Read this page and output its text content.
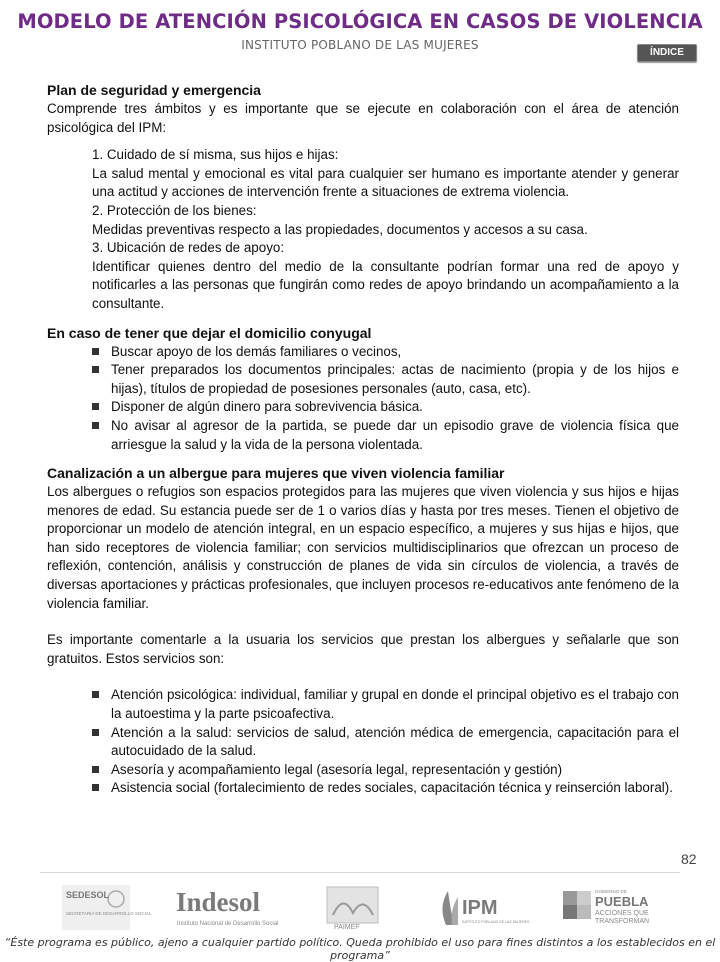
MODELO DE ATENCIÓN PSICOLÓGICA EN CASOS DE VIOLENCIA
INSTITUTO POBLANO DE LAS MUJERES
ÍNDICE
Plan de seguridad y emergencia

Comprende tres ámbitos y es importante que se ejecute en colaboración con el área de atención psicológica del IPM:

1. Cuidado de sí misma, sus hijos e hijas:

La salud mental y emocional es vital para cualquier ser humano es importante atender y generar una actitud y acciones de intervención frente a situaciones de extrema violencia.

2. Protección de los bienes:

Medidas preventivas respecto a las propiedades, documentos y accesos a su casa.

3. Ubicación de redes de apoyo:

Identificar quienes dentro del medio de la consultante podrían formar una red de apoyo y notificarles a las personas que fungirán como redes de apoyo brindando un acompañamiento a la consultante.

En caso de tener que dejar el domicilio conyugal
Buscar apoyo de los demás familiares o vecinos,
Tener preparados los documentos principales: actas de nacimiento (propia y de los hijos e hijas), títulos de propiedad de posesiones personales (auto, casa, etc).
Disponer de algún dinero para sobrevivencia básica.
No avisar al agresor de la partida, se puede dar un episodio grave de violencia física que arriesgue la salud y la vida de la persona violentada.
Canalización a un albergue para mujeres que viven violencia familiar

Los albergues o refugios son espacios protegidos para las mujeres que viven violencia y sus hijos e hijas menores de edad. Su estancia puede ser de 1 o varios días y hasta por tres meses. Tienen el objetivo de proporcionar un modelo de atención integral, en un espacio específico, a mujeres y sus hijas e hijos, que han sido receptores de violencia familiar; con servicios multidisciplinarios que ofrezcan un proceso de reflexión, contención, análisis y construcción de planes de vida sin círculos de violencia, a través de diversas aportaciones y prácticas profesionales, que incluyen procesos re-educativos ante fenómeno de la violencia familiar.

Es importante comentarle a la usuaria los servicios que prestan los albergues y señalarle que son gratuitos. Estos servicios son:

Atención psicológica: individual, familiar y grupal en donde el principal objetivo es el trabajo con la autoestima y la parte psicoafectiva.
Atención a la salud: servicios de salud, atención médica de emergencia, capacitación para el autocuidado de la salud.
Asesoría y acompañamiento legal (asesoría legal, representación y gestión)
Asistencia social (fortalecimiento de redes sociales, capacitación técnica y reinserción laboral).
82
SEDESOL
SECRETARÍA DE DESARROLLO SOCIAL Indesol
Instituto Nacional de Desarrollo Social	PAIMEF
IPM
INSTITUTO POBLANO DE LAS MUJERES
GOBIERNO DE
PUEBLA
ACCIONES QUE
TRANSFORMAN
“Éste programa es público, ajeno a cualquier partido político. Queda prohibido el uso para fines distintos a los establecidos en el programa”
